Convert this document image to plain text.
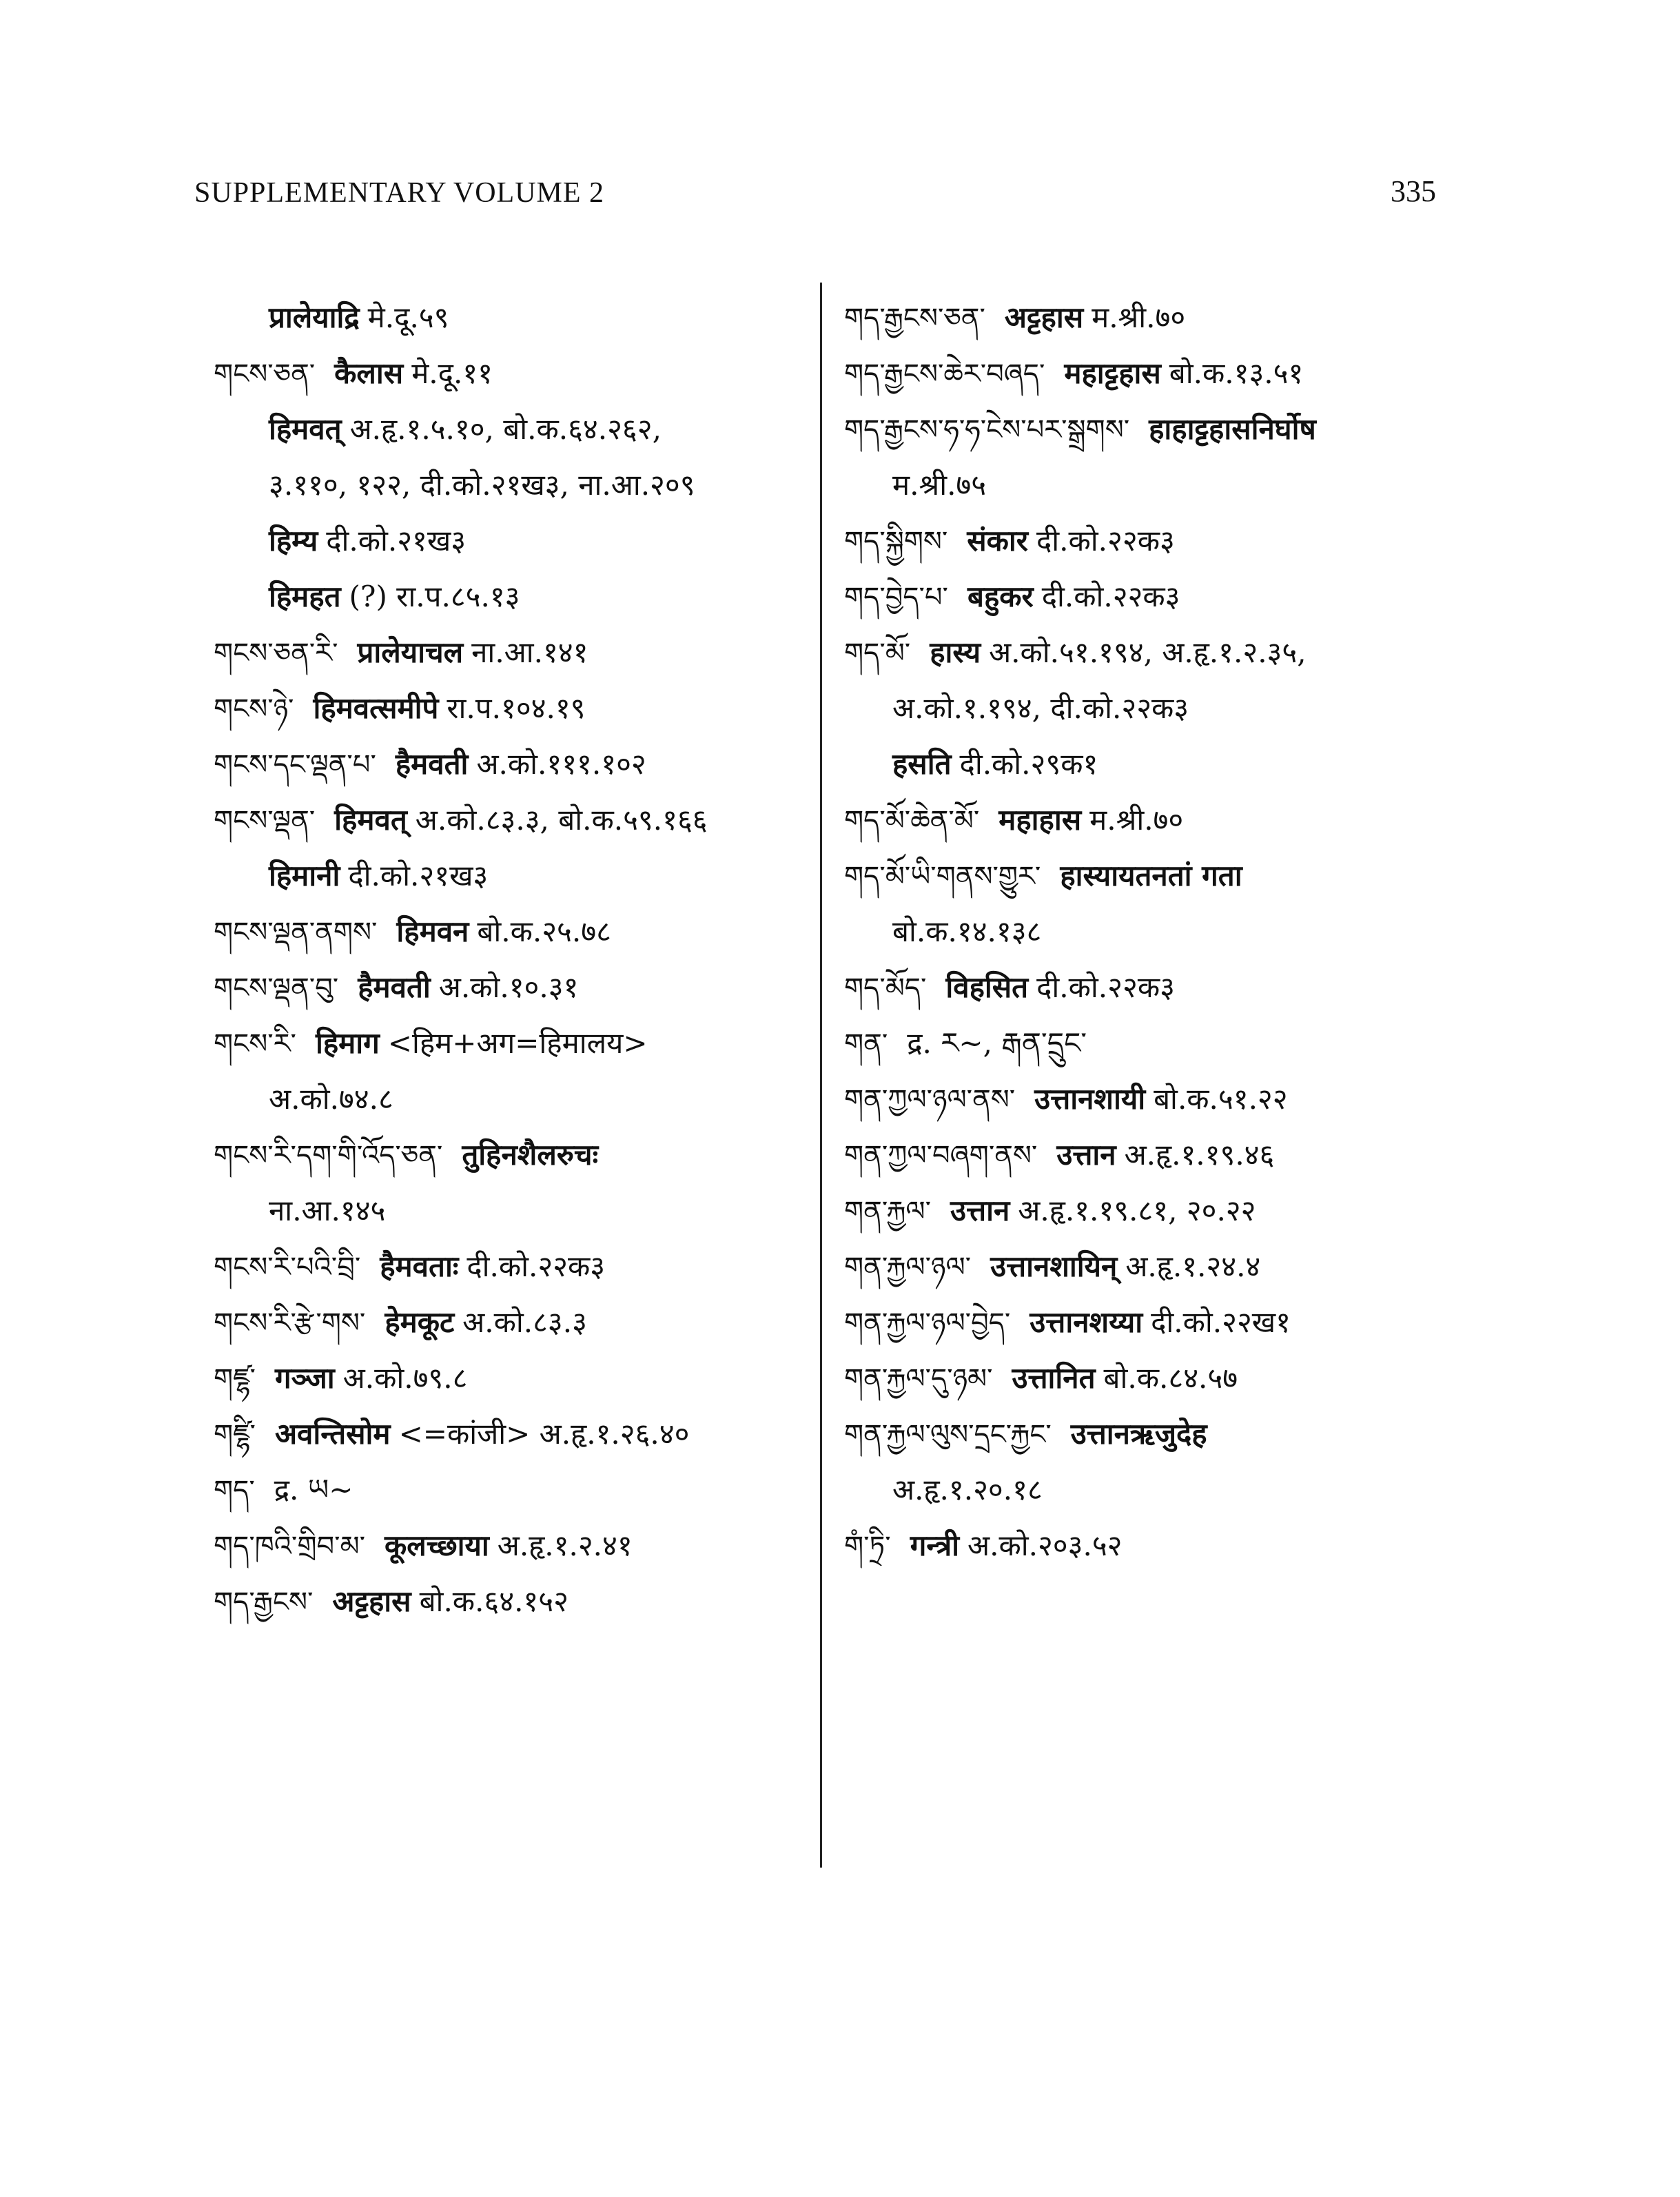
SUPPLEMENTARY VOLUME 2	335
प्रालेयाद्रि मे.दू.५९
གངས་ཅན་ कैलास मे.दू.११
हिमवत् अ.हृ.१.५.१०, बो.क.६४.२६२,
३.११०, १२२, दी.को.२१ख३, ना.आ.२०९
हिम्य दी.को.२१ख३
हिमहत (?) रा.प.८५.१३
གངས་ཅན་རི་ प्रालेयाचल ना.आ.१४१
གངས་ཉེ་ हिमवत्समीपे रा.प.१०४.१९
གངས་དང་ལྡན་པ་ हैमवती अ.को.१११.१०२
གངས་ལྡན་ हिमवत् अ.को.८३.३, बो.क.५९.१६६
हिमानी दी.को.२१ख३
གངས་ལྡན་ནགས་ हिमवन बो.क.२५.७८
གངས་ལྡན་བུ་ हैमवती अ.को.१०.३१
གངས་རི་ हिमाग <हिम+अग=हिमालय>
अ.को.७४.८
གངས་རི་དག་གི་འོད་ཅན་ तुहिनशैलरुचः
ना.आ.१४५
གངས་རི་པའི་བྲི་ हैमवताः दी.को.२२क३
གངས་རི་རྩེ་གས་ हेमकूट अ.को.८३.३
གཛྷ་ गञ्जा अ.को.७९.८
གཛྷི་ अवन्तिसोम <=कांजी> अ.हृ.१.२६.४०
གད་ द्र. ཡ~
གད་ཁའི་གྲིབ་མ་ कूलच्छाया अ.हृ.१.२.४१
གད་རྒྱངས་ अट्टहास बो.क.६४.१५२
གད་རྒྱངས་ཅན་ अट्टहास म.श्री.७०
གད་རྒྱངས་ཆེར་བཞད་ महाट्टहास बो.क.१३.५१
གད་རྒྱངས་ཧ་ཧ་ངེས་པར་སྒྲགས་ हाहाट्टहासनिर्घोष
म.श्री.७५
གད་སྐྱིགས་ संकार दी.को.२२क३
གད་བྱེད་པ་ बहुकर दी.को.२२क३
གད་མོ་ हास्य अ.को.५१.१९४, अ.हृ.१.२.३५,
अ.को.१.१९४, दी.को.२२क३
हसति दी.को.२९क१
གད་མོ་ཆེན་མོ་ महाहास म.श्री.७०
གད་མོ་ཡི་གནས་གྱུར་ हास्यायतनतां गता
बो.क.१४.१३८
གད་མོད་ विहसित दी.को.२२क३
གན་ द्र. ར~, རྒན་དྲུང་
གན་ཀྱལ་ཉལ་ནས་ उत्तानशायी बो.क.५१.२२
གན་ཀྱལ་བཞག་ནས་ उत्तान अ.हृ.१.१९.४६
གན་རྐྱལ་ उत्तान अ.हृ.१.१९.८१, २०.२२
གན་རྐྱལ་ཉལ་ उत्तानशायिन् अ.हृ.१.२४.४
གན་རྐྱལ་ཉལ་བྱེད་ उत्तानशय्या दी.को.२२ख१
གན་རྐྱལ་དུ་ཉམ་ उत्तानित बो.क.८४.५७
གན་རྐྱལ་ལུས་དྲང་རྐྱང་ उत्तानऋजुदेह
अ.हृ.१.२०.१८
གཾ་ཏྲི་ गन्त्री अ.को.२०३.५२
